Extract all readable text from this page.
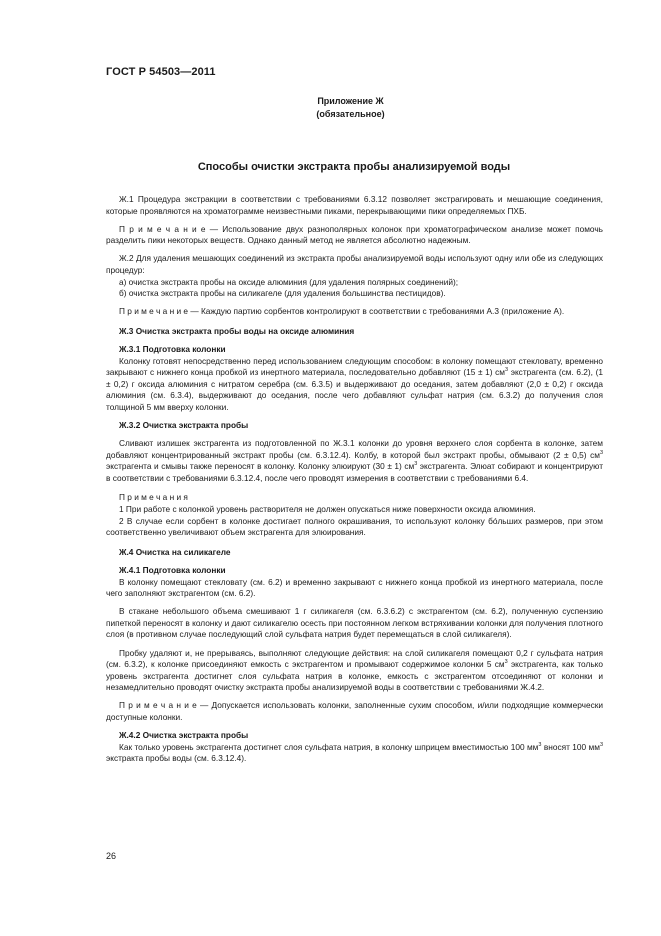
ГОСТ Р 54503—2011
Приложение Ж
(обязательное)
Способы очистки экстракта пробы анализируемой воды

Ж.1 Процедура экстракции в соответствии с требованиями 6.3.12 позволяет экстрагировать и мешающие соединения, которые проявляются на хроматограмме неизвестными пиками, перекрывающими пики определяемых ПХБ.

П р и м е ч а н и е — Использование двух разнополярных колонок при хроматографическом анализе может помочь разделить пики некоторых веществ. Однако данный метод не является абсолютно надежным.

Ж.2 Для удаления мешающих соединений из экстракта пробы анализируемой воды используют одну или обе из следующих процедур:

а) очистка экстракта пробы на оксиде алюминия (для удаления полярных соединений);

б) очистка экстракта пробы на силикагеле (для удаления большинства пестицидов).

П р и м е ч а н и е — Каждую партию сорбентов контролируют в соответствии с требованиями А.3 (приложение А).

Ж.3 Очистка экстракта пробы воды на оксиде алюминия

Ж.3.1 Подготовка колонки

Колонку готовят непосредственно перед использованием следующим способом: в колонку помещают стекловату, временно закрывают с нижнего конца пробкой из инертного материала, последовательно добавляют (15 ± 1) $см^3$ экстрагента (см. 6.2), (1 ± 0,2) г оксида алюминия с нитратом серебра (см. 6.3.5) и выдерживают до оседания, затем добавляют (2,0 ± 0,2) г оксида алюминия (см. 6.3.4), выдерживают до оседания, после чего добавляют сульфат натрия (см. 6.3.2) до получения слоя толщиной 5 мм вверху колонки.

Ж.3.2 Очистка экстракта пробы

Сливают излишек экстрагента из подготовленной по Ж.3.1 колонки до уровня верхнего слоя сорбента в колонке, затем добавляют концентрированный экстракт пробы (см. 6.3.12.4). Колбу, в которой был экстракт пробы, обмывают (2 ± 0,5) $см^3$ экстрагента и смывы также переносят в колонку. Колонку элюируют (30 ± 1) $см^3$ экстрагента. Элюат собирают и концентрируют в соответствии с требованиями 6.3.12.4, после чего проводят измерения в соответствии с требованиями 6.4.

П р и м е ч а н и я

1 При работе с колонкой уровень растворителя не должен опускаться ниже поверхности оксида алюминия.

2 В случае если сорбент в колонке достигает полного окрашивания, то используют колонку бóльших размеров, при этом соответственно увеличивают объем экстрагента для элюирования.

Ж.4 Очистка на силикагеле

Ж.4.1 Подготовка колонки

В колонку помещают стекловату (см. 6.2) и временно закрывают с нижнего конца пробкой из инертного материала, после чего заполняют экстрагентом (см. 6.2).

В стакане небольшого объема смешивают 1 г силикагеля (см. 6.3.6.2) с экстрагентом (см. 6.2), полученную суспензию пипеткой переносят в колонку и дают силикагелю осесть при постоянном легком встряхивании колонки для получения плотного слоя (в противном случае последующий слой сульфата натрия будет перемещаться в слой силикагеля).

Пробку удаляют и, не прерываясь, выполняют следующие действия: на слой силикагеля помещают 0,2 г сульфата натрия (см. 6.3.2), к колонке присоединяют емкость с экстрагентом и промывают содержимое колонки 5 $см^3$ экстрагента, как только уровень экстрагента достигнет слоя сульфата натрия в колонке, емкость с экстрагентом отсоединяют от колонки и незамедлительно проводят очистку экстракта пробы анализируемой воды в соответствии с требованиями Ж.4.2.

П р и м е ч а н и е — Допускается использовать колонки, заполненные сухим способом, и/или подходящие коммерчески доступные колонки.

Ж.4.2 Очистка экстракта пробы

Как только уровень экстрагента достигнет слоя сульфата натрия, в колонку шприцем вместимостью 100 $мм^3$ вносят 100 $мм^3$ экстракта пробы воды (см. 6.3.12.4).

26
